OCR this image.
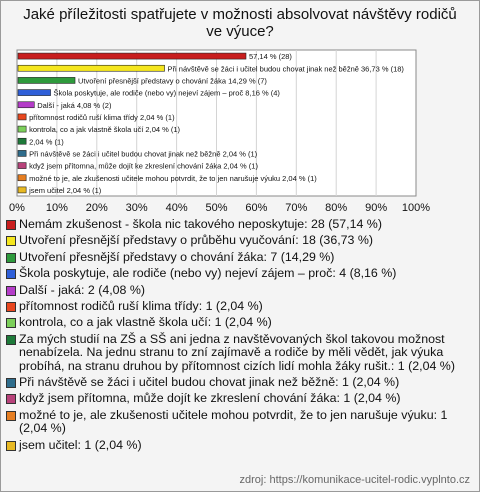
Jaké příležitosti spatřujete v možnosti absolvovat návštěvy rodičů ve výuce?
0% 10% 20% 30% 40% 50% 60% 70% 80% 90% 100%
57,14 % (28)
Při návštěvě se žáci i učitel budou chovat jinak než běžně 36,73 % (18)
Utvoření přesnější představy o chování žáka 14,29 % (7)
Škola poskytuje, ale rodiče (nebo vy) nejeví zájem – proč 8,16 % (4)
Další - jaká 4,08 % (2)
přítomnost rodičů ruší klima třídy 2,04 % (1)
kontrola, co a jak vlastně škola učí 2,04 % (1)
2,04 % (1)
Při návštěvě se žáci i učitel budou chovat jinak než běžně 2,04 % (1)
když jsem přítomna, může dojít ke zkreslení chování žáka 2,04 % (1)
možné to je, ale zkušenosti učitele mohou potvrdit, že to jen narušuje výuku 2,04 % (1)
jsem učitel 2,04 % (1)
Nemám zkušenost - škola nic takového neposkytuje: 28 (57,14 %)
Utvoření přesnější představy o průběhu vyučování: 18 (36,73 %)
Utvoření přesnější představy o chování žáka: 7 (14,29 %)
Škola poskytuje, ale rodiče (nebo vy) nejeví zájem – proč: 4 (8,16 %)
Další - jaká: 2 (4,08 %)
přítomnost rodičů ruší klima třídy: 1 (2,04 %)
kontrola, co a jak vlastně škola učí: 1 (2,04 %)
Za mých studií na ZŠ a SŠ ani jedna z navštěvovaných škol takovou možnost nenabízela. Na jednu stranu to zní zajímavě a rodiče by měli vědět, jak výuka probíhá, na stranu druhou by přítomnost cizích lidí mohla žáky rušit.: 1 (2,04 %)
Při návštěvě se žáci i učitel budou chovat jinak než běžně: 1 (2,04 %)
když jsem přítomna, může dojít ke zkreslení chování žáka: 1 (2,04 %)
možné to je, ale zkušenosti učitele mohou potvrdit, že to jen narušuje výuku: 1 (2,04 %)
jsem učitel: 1 (2,04 %)
zdroj: https://komunikace-ucitel-rodic.vyplnto.cz
